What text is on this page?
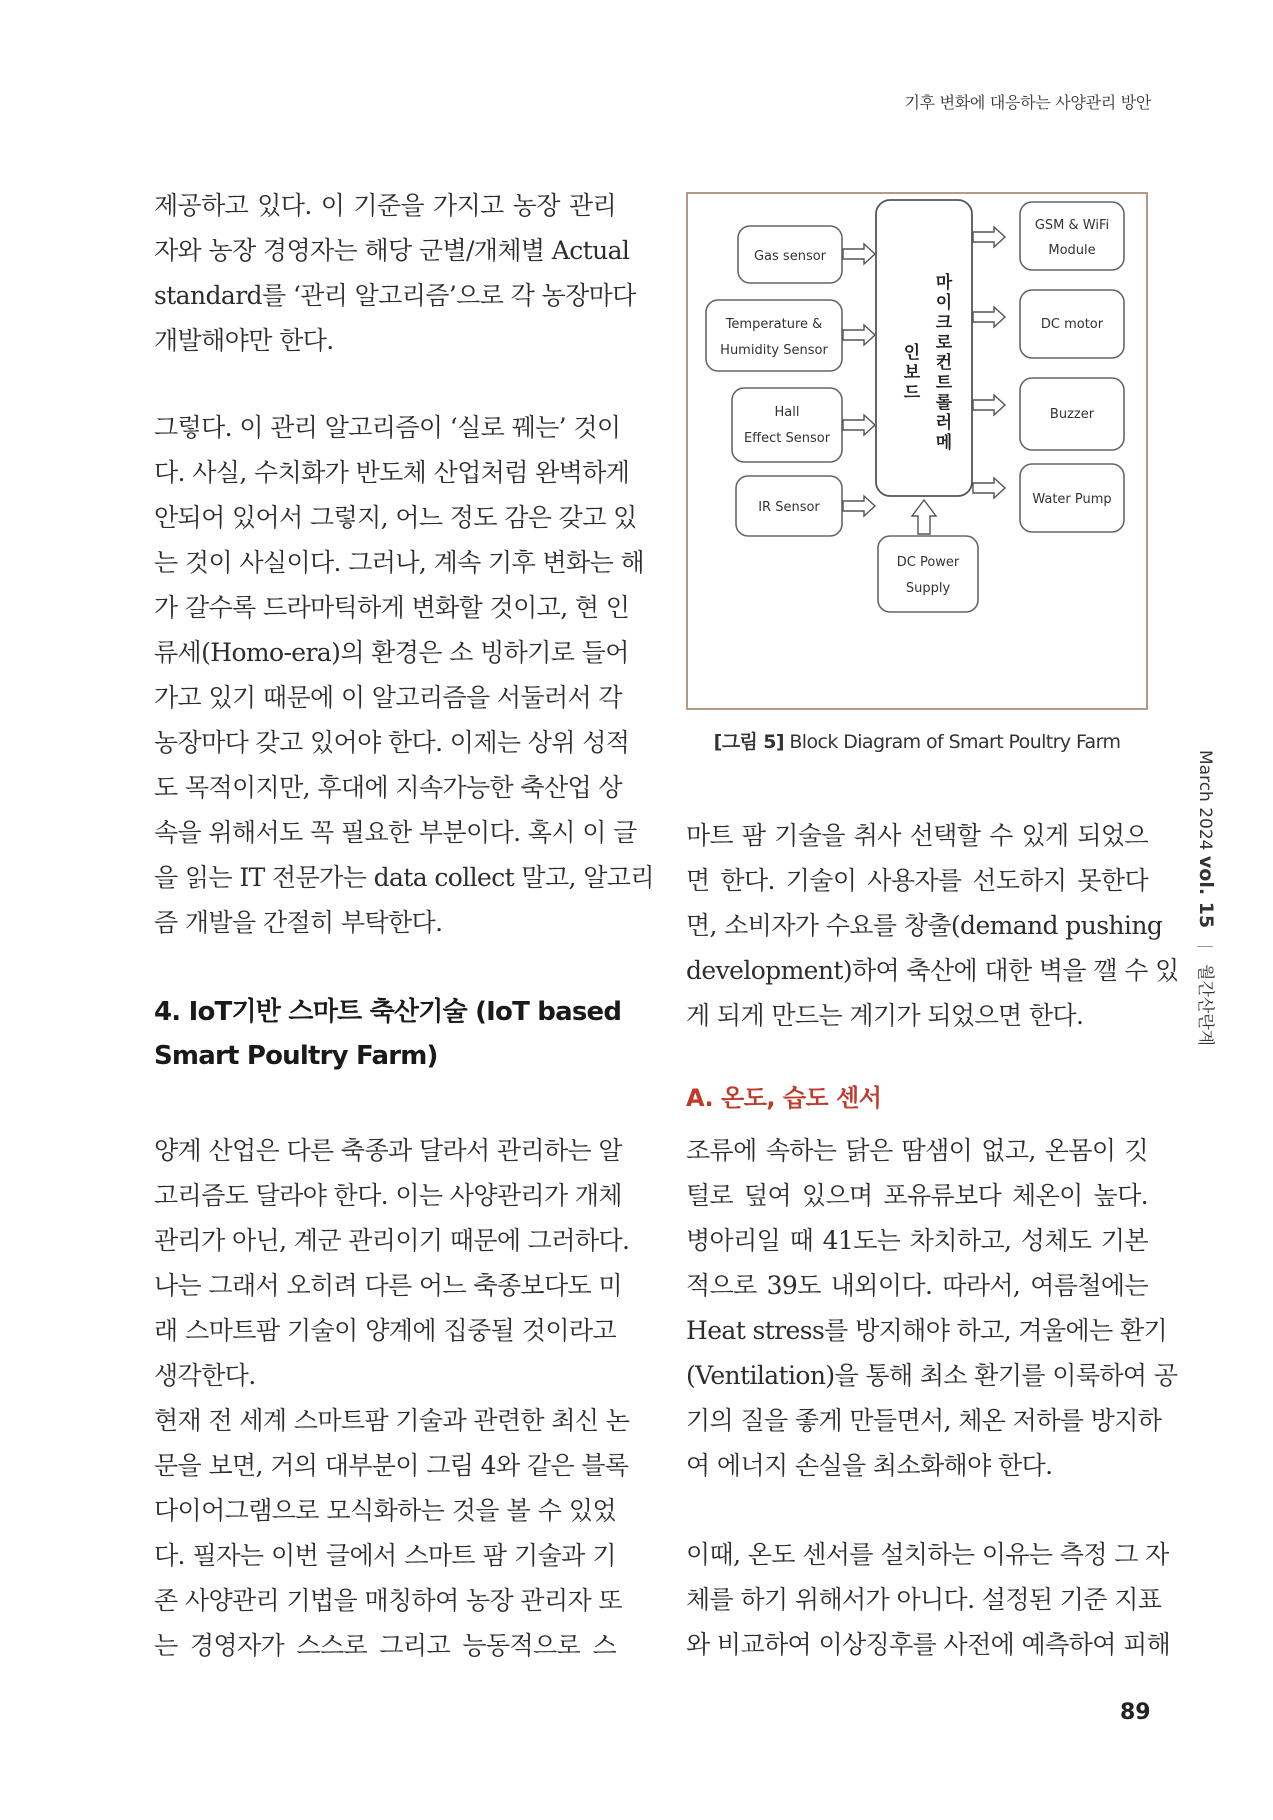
기후 변화에 대응하는 사양관리 방안

제공하고 있다. 이 기준을 가지고 농장 관리
자와 농장 경영자는 해당 군별/개체별 Actual
standard를 ‘관리 알고리즘’으로 각 농장마다
개발해야만 한다.

그렇다. 이 관리 알고리즘이 ‘실로 꿰는’ 것이
다. 사실, 수치화가 반도체 산업처럼 완벽하게
안되어 있어서 그렇지, 어느 정도 감은 갖고 있
는 것이 사실이다. 그러나, 계속 기후 변화는 해
가 갈수록 드라마틱하게 변화할 것이고, 현 인
류세(Homo-era)의 환경은 소 빙하기로 들어
가고 있기 때문에 이 알고리즘을 서둘러서 각
농장마다 갖고 있어야 한다. 이제는 상위 성적
도 목적이지만, 후대에 지속가능한 축산업 상
속을 위해서도 꼭 필요한 부분이다. 혹시 이 글
을 읽는 IT 전문가는 data collect 말고, 알고리
즘 개발을 간절히 부탁한다.

4. IoT기반 스마트 축산기술 (IoT based
Smart Poultry Farm)

양계 산업은 다른 축종과 달라서 관리하는 알
고리즘도 달라야 한다. 이는 사양관리가 개체
관리가 아닌, 계군 관리이기 때문에 그러하다.
나는 그래서 오히려 다른 어느 축종보다도 미
래 스마트팜 기술이 양계에 집중될 것이라고
생각한다.

현재 전 세계 스마트팜 기술과 관련한 최신 논
문을 보면, 거의 대부분이 그림 4와 같은 블록
다이어그램으로 모식화하는 것을 볼 수 있었
다. 필자는 이번 글에서 스마트 팜 기술과 기
존 사양관리 기법을 매칭하여 농장 관리자 또
는 경영자가 스스로 그리고 능동적으로 스

Gas sensor
Temperature &
Humidity Sensor
Hall
Effect Sensor
IR Sensor
마
이
크
로
컨
트
롤
러
메
인
보
드
GSM & WiFi
Module
DC motor
Buzzer
Water Pump
DC Power
Supply
[그림 5] Block Diagram of Smart Poultry Farm

마트 팜 기술을 취사 선택할 수 있게 되었으
면 한다. 기술이 사용자를 선도하지 못한다
면, 소비자가 수요를 창출(demand pushing
development)하여 축산에 대한 벽을 깰 수 있
게 되게 만드는 계기가 되었으면 한다.

A. 온도, 습도 센서

조류에 속하는 닭은 땀샘이 없고, 온몸이 깃
털로 덮여 있으며 포유류보다 체온이 높다.
병아리일 때 41도는 차치하고, 성체도 기본
적으로 39도 내외이다. 따라서, 여름철에는
Heat stress를 방지해야 하고, 겨울에는 환기
(Ventilation)을 통해 최소 환기를 이룩하여 공
기의 질을 좋게 만들면서, 체온 저하를 방지하
여 에너지 손실을 최소화해야 한다.

이때, 온도 센서를 설치하는 이유는 측정 그 자
체를 하기 위해서가 아니다. 설정된 기준 지표
와 비교하여 이상징후를 사전에 예측하여 피해

March 2024 vol. 15  월간산란계
89
